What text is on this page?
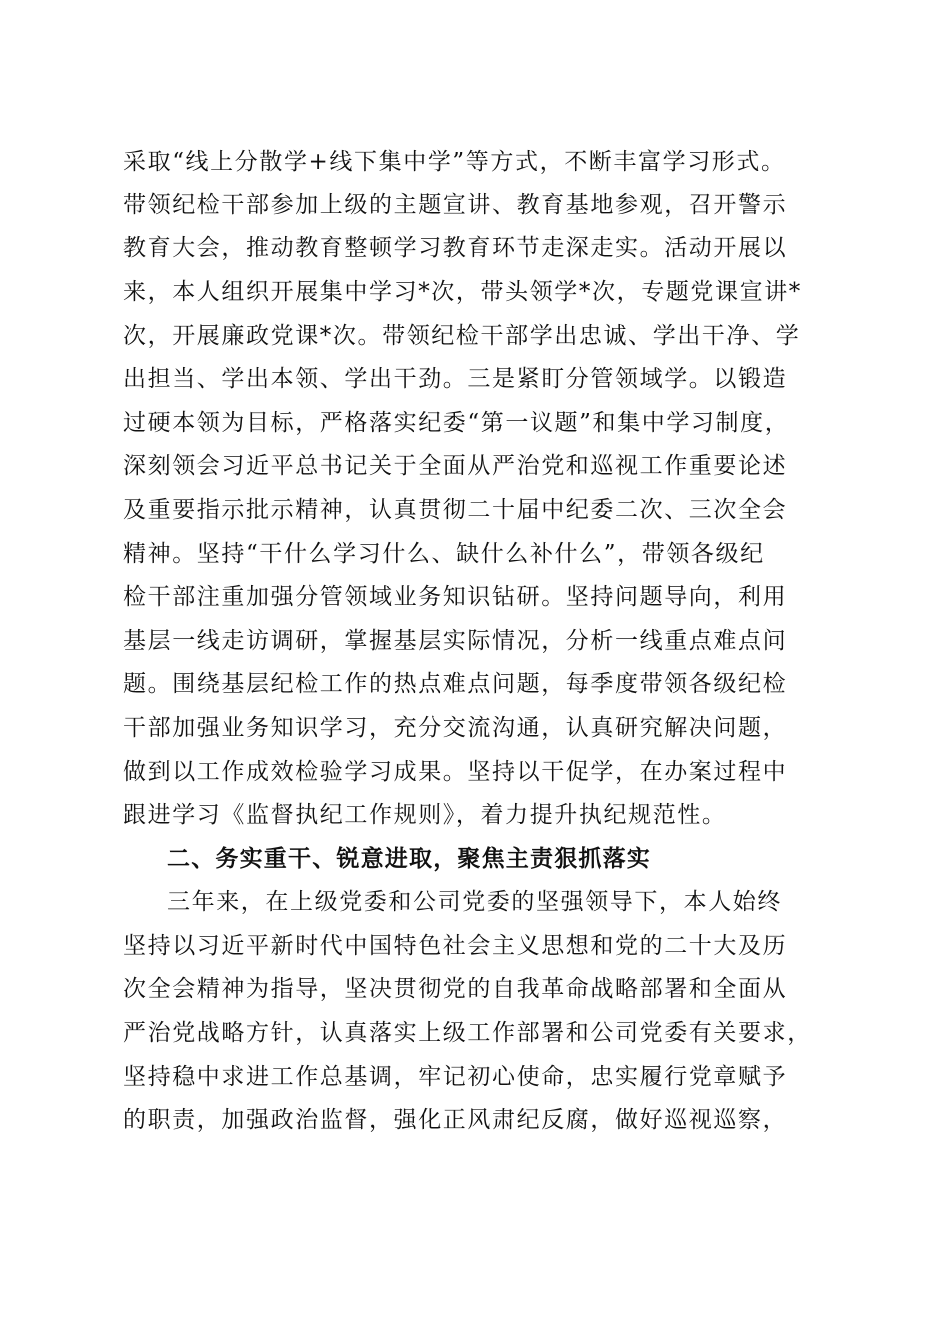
采取“线上分散学+线下集中学”等方式，不断丰富学习形式。
带领纪检干部参加上级的主题宣讲、教育基地参观，召开警示
教育大会，推动教育整顿学习教育环节走深走实。活动开展以
来，本人组织开展集中学习*次，带头领学*次，专题党课宣讲*
次，开展廉政党课*次。带领纪检干部学出忠诚、学出干净、学
出担当、学出本领、学出干劲。三是紧盯分管领域学。以锻造
过硬本领为目标，严格落实纪委“第一议题”和集中学习制度，
深刻领会习近平总书记关于全面从严治党和巡视工作重要论述
及重要指示批示精神，认真贯彻二十届中纪委二次、三次全会
精神。坚持“干什么学习什么、缺什么补什么”，带领各级纪
检干部注重加强分管领域业务知识钻研。坚持问题导向，利用
基层一线走访调研，掌握基层实际情况，分析一线重点难点问
题。围绕基层纪检工作的热点难点问题，每季度带领各级纪检
干部加强业务知识学习，充分交流沟通，认真研究解决问题，
做到以工作成效检验学习成果。坚持以干促学，在办案过程中
跟进学习《监督执纪工作规则》，着力提升执纪规范性。
二、务实重干、锐意进取，聚焦主责狠抓落实
三年来，在上级党委和公司党委的坚强领导下，本人始终
坚持以习近平新时代中国特色社会主义思想和党的二十大及历
次全会精神为指导，坚决贯彻党的自我革命战略部署和全面从
严治党战略方针，认真落实上级工作部署和公司党委有关要求，
坚持稳中求进工作总基调，牢记初心使命，忠实履行党章赋予
的职责，加强政治监督，强化正风肃纪反腐，做好巡视巡察，
